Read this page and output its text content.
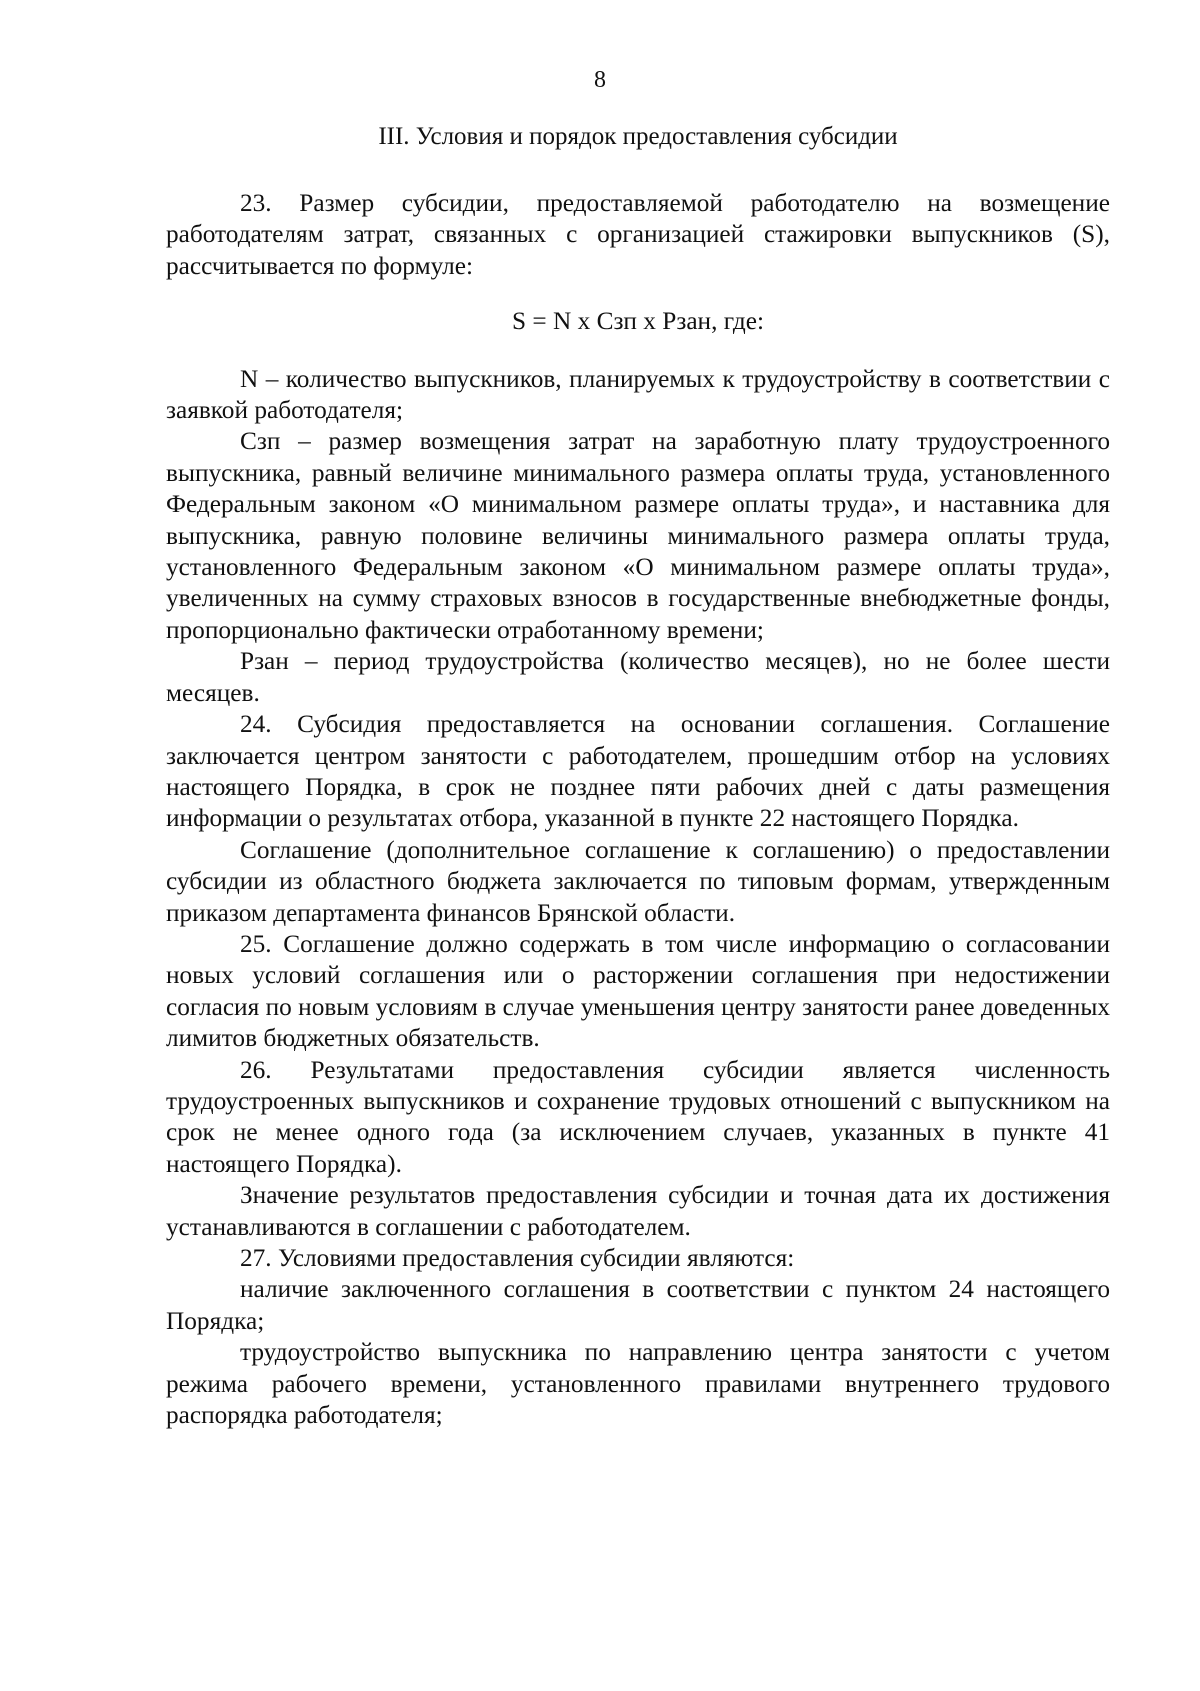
8
III. Условия и порядок предоставления субсидии

23. Размер субсидии, предоставляемой работодателю на возмещение работодателям затрат, связанных с организацией стажировки выпускников (S), рассчитывается по формуле:

S = N х Сзп х Рзан, где:

N – количество выпускников, планируемых к трудоустройству в соответствии с заявкой работодателя;

Сзп – размер возмещения затрат на заработную плату трудоустроенного выпускника, равный величине минимального размера оплаты труда, установленного Федеральным законом «О минимальном размере оплаты труда», и наставника для выпускника, равную половине величины минимального размера оплаты труда, установленного Федеральным законом «О минимальном размере оплаты труда», увеличенных на сумму страховых взносов в государственные внебюджетные фонды, пропорционально фактически отработанному времени;

Рзан – период трудоустройства (количество месяцев), но не более шести месяцев.

24. Субсидия предоставляется на основании соглашения. Соглашение заключается центром занятости с работодателем, прошедшим отбор на условиях настоящего Порядка, в срок не позднее пяти рабочих дней с даты размещения информации о результатах отбора, указанной в пункте 22 настоящего Порядка.

Соглашение (дополнительное соглашение к соглашению) о предоставлении субсидии из областного бюджета заключается по типовым формам, утвержденным приказом департамента финансов Брянской области.

25. Соглашение должно содержать в том числе информацию о согласовании новых условий соглашения или о расторжении соглашения при недостижении согласия по новым условиям в случае уменьшения центру занятости ранее доведенных лимитов бюджетных обязательств.

26. Результатами предоставления субсидии является численность трудоустроенных выпускников и сохранение трудовых отношений с выпускником на срок не менее одного года (за исключением случаев, указанных в пункте 41 настоящего Порядка).

Значение результатов предоставления субсидии и точная дата их достижения устанавливаются в соглашении с работодателем.

27. Условиями предоставления субсидии являются:

наличие заключенного соглашения в соответствии с пунктом 24 настоящего Порядка;

трудоустройство выпускника по направлению центра занятости с учетом режима рабочего времени, установленного правилами внутреннего трудового распорядка работодателя;
